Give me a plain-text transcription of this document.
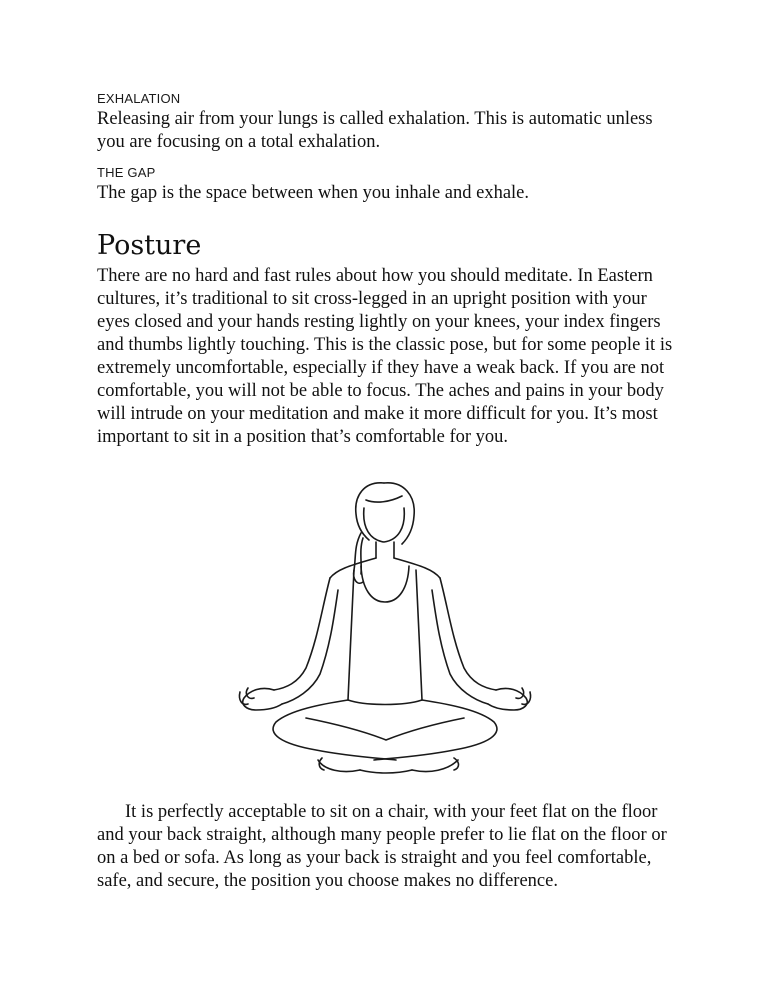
EXHALATION

Releasing air from your lungs is called exhalation. This is automatic unless you are focusing on a total exhalation.

THE GAP

The gap is the space between when you inhale and exhale.

Posture

There are no hard and fast rules about how you should meditate. In Eastern cultures, it’s traditional to sit cross-legged in an upright position with your eyes closed and your hands resting lightly on your knees, your index fingers and thumbs lightly touching. This is the classic pose, but for some people it is extremely uncomfortable, especially if they have a weak back. If you are not comfortable, you will not be able to focus. The aches and pains in your body will intrude on your meditation and make it more difficult for you. It’s most important to sit in a position that’s comfortable for you.

It is perfectly acceptable to sit on a chair, with your feet flat on the floor and your back straight, although many people prefer to lie flat on the floor or on a bed or sofa. As long as your back is straight and you feel comfortable, safe, and secure, the position you choose makes no difference.
